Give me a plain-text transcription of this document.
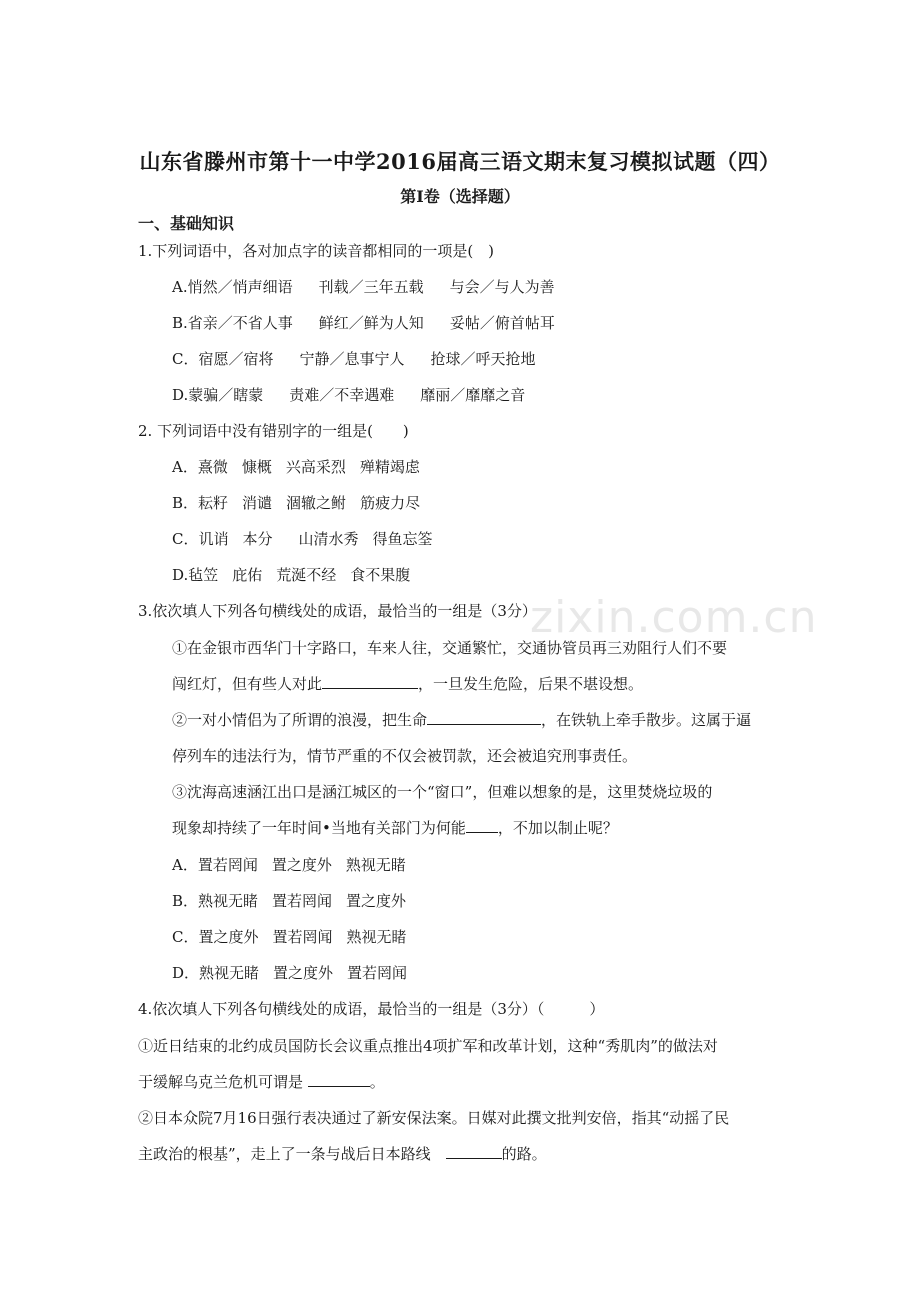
zixin.com.cn
山东省滕州市第十一中学2016届高三语文期末复习模拟试题（四）
第I卷（选择题）
一、基础知识
1.下列词语中，各对加点字的读音都相同的一项是(　)
A.悄然／悄声细语 刊载／三年五载 与会／与人为善
B.省亲／不省人事 鲜红／鲜为人知 妥帖／俯首帖耳
C．宿愿／宿将 宁静／息事宁人 抢球／呼天抢地
D.蒙骗／瞎蒙 责难／不幸遇难 靡丽／靡靡之音
2. 下列词语中没有错别字的一组是(　　)
A．熹微 慷概 兴高采烈 殚精竭虑
B．耘籽 消谴 涸辙之鲋 筋疲力尽
C．讥诮 本分 山清水秀 得鱼忘筌
D.毡笠 庇佑 荒涎不经 食不果腹
3.依次填人下列各句横线处的成语，最恰当的一组是（3分）
①在金银市西华门十字路口，车来人往，交通繁忙，交通协管员再三劝阻行人们不要
闯红灯，但有些人对此	，一旦发生危险，后果不堪设想。
②一对小情侣为了所谓的浪漫，把生命	，在铁轨上牵手散步。这属于逼
停列车的违法行为，情节严重的不仅会被罚款，还会被追究刑事责任。
③沈海高速涵江出口是涵江城区的一个“窗口”，但难以想象的是，这里焚烧垃圾的
现象却持续了一年时间•当地有关部门为何能 ，不加以制止呢？
A．置若罔闻 置之度外 熟视无睹
B．熟视无睹 置若罔闻 置之度外
C．置之度外 置若罔闻 熟视无睹
D．熟视无睹 置之度外 置若罔闻
4.依次填人下列各句横线处的成语，最恰当的一组是（3分）（　　　）
①近日结束的北约成员国防长会议重点推出4项扩军和改革计划，这种“秀肌肉”的做法对
于缓解乌克兰危机可谓是	。
②日本众院7月16日强行表决通过了新安保法案。日媒对此撰文批判安倍，指其“动摇了民
主政治的根基”，走上了一条与战后日本路线　	的路。
